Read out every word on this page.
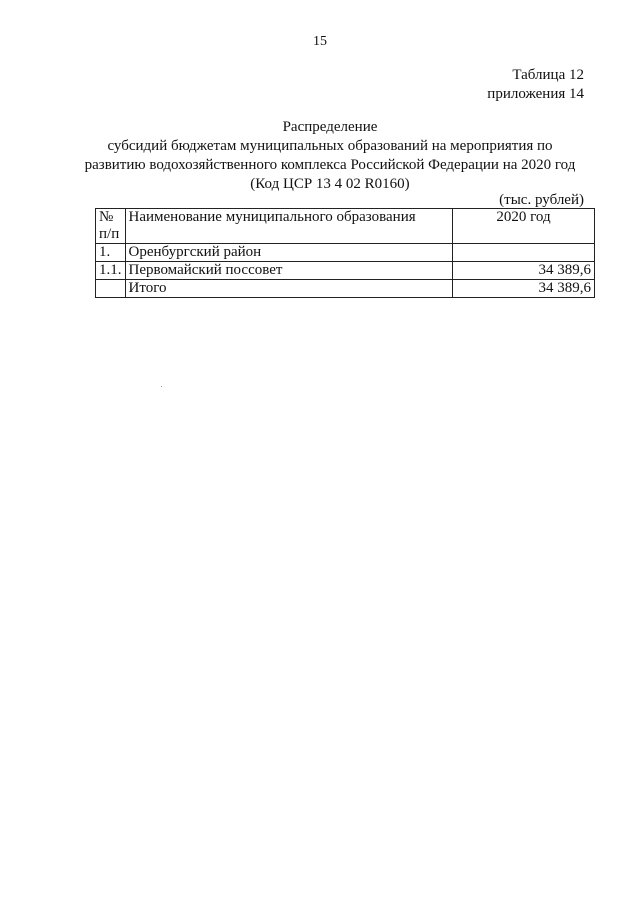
15
Таблица 12
приложения 14
Распределение
субсидий бюджетам муниципальных образований на мероприятия по
развитию водохозяйственного комплекса Российской Федерации на 2020 год
(Код ЦСР 13 4 02 R0160)
(тыс. рублей)
№
п/п	Наименование муниципального образования	2020 год
1.	Оренбургский район	
1.1.	Первомайский поссовет	34 389,6
	Итого	34 389,6
